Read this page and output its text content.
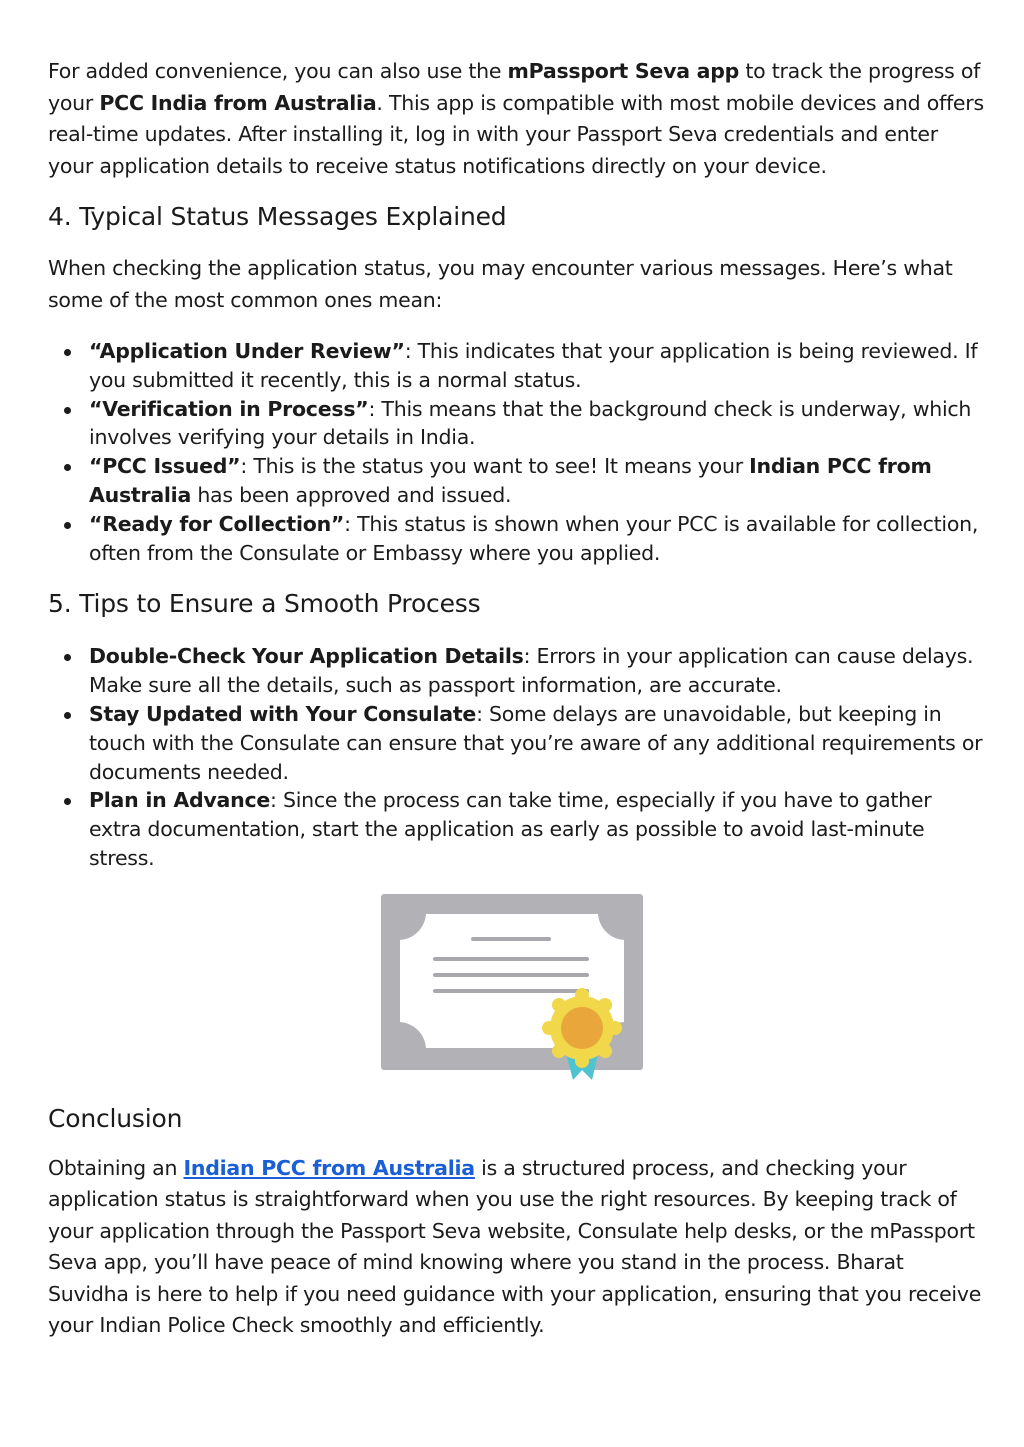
For added convenience, you can also use the mPassport Seva app to track the progress of your PCC India from Australia. This app is compatible with most mobile devices and offers real-time updates. After installing it, log in with your Passport Seva credentials and enter your application details to receive status notifications directly on your device.

4. Typical Status Messages Explained

When checking the application status, you may encounter various messages. Here’s what some of the most common ones mean:

“Application Under Review”: This indicates that your application is being reviewed. If you submitted it recently, this is a normal status.
“Verification in Process”: This means that the background check is underway, which involves verifying your details in India.
“PCC Issued”: This is the status you want to see! It means your Indian PCC from Australia has been approved and issued.
“Ready for Collection”: This status is shown when your PCC is available for collection, often from the Consulate or Embassy where you applied.
5. Tips to Ensure a Smooth Process
Double-Check Your Application Details: Errors in your application can cause delays. Make sure all the details, such as passport information, are accurate.
Stay Updated with Your Consulate: Some delays are unavoidable, but keeping in touch with the Consulate can ensure that you’re aware of any additional requirements or documents needed.
Plan in Advance: Since the process can take time, especially if you have to gather extra documentation, start the application as early as possible to avoid last-minute stress.
Conclusion

Obtaining an Indian PCC from Australia is a structured process, and checking your application status is straightforward when you use the right resources. By keeping track of your application through the Passport Seva website, Consulate help desks, or the mPassport Seva app, you’ll have peace of mind knowing where you stand in the process. Bharat Suvidha is here to help if you need guidance with your application, ensuring that you receive your Indian Police Check smoothly and efficiently.
